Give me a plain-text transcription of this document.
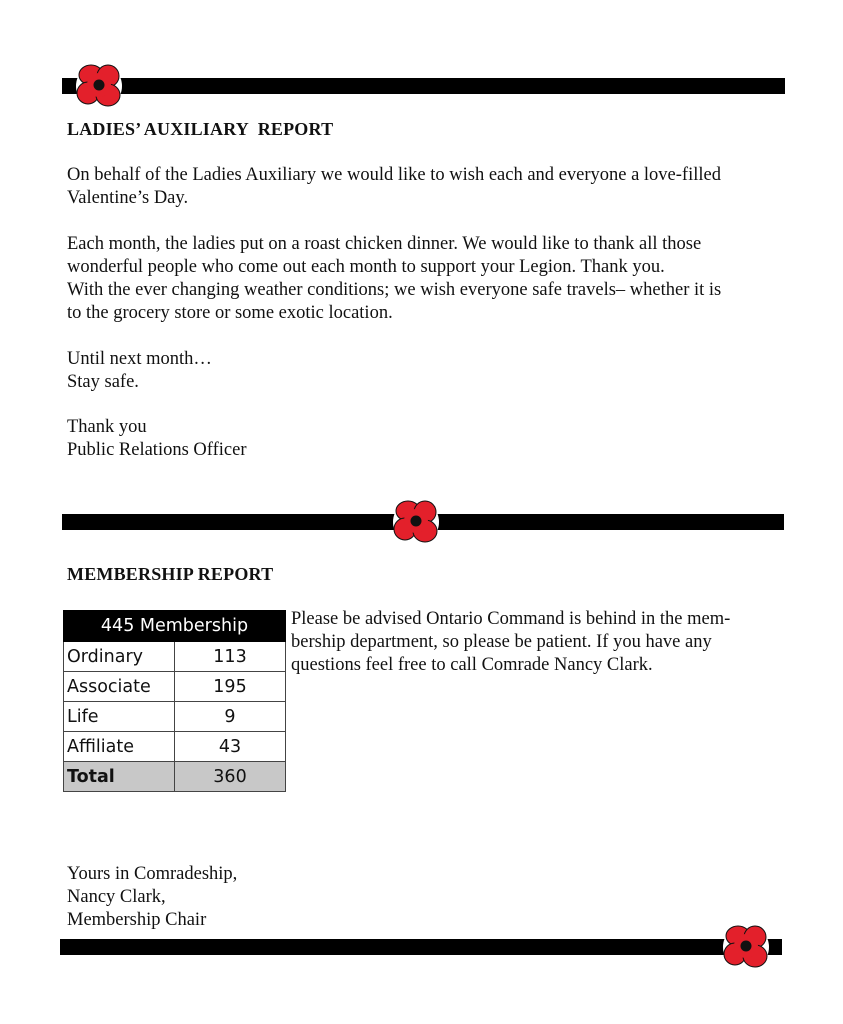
LADIES’ AUXILIARY  REPORT

On behalf of the Ladies Auxiliary we would like to wish each and everyone a love-filled
Valentine’s Day.

Each month, the ladies put on a roast chicken dinner. We would like to thank all those
wonderful people who come out each month to support your Legion. Thank you.
With the ever changing weather conditions; we wish everyone safe travels– whether it is
to the grocery store or some exotic location.

Until next month…
Stay safe.

Thank you
Public Relations Officer

MEMBERSHIP REPORT
445 Membership	
Ordinary	113
Associate	195
Life	9
Affiliate	43
Total	360

Please be advised Ontario Command is behind in the mem-
bership department, so please be patient. If you have any
questions feel free to call Comrade Nancy Clark.

Yours in Comradeship,
Nancy Clark,
Membership Chair
